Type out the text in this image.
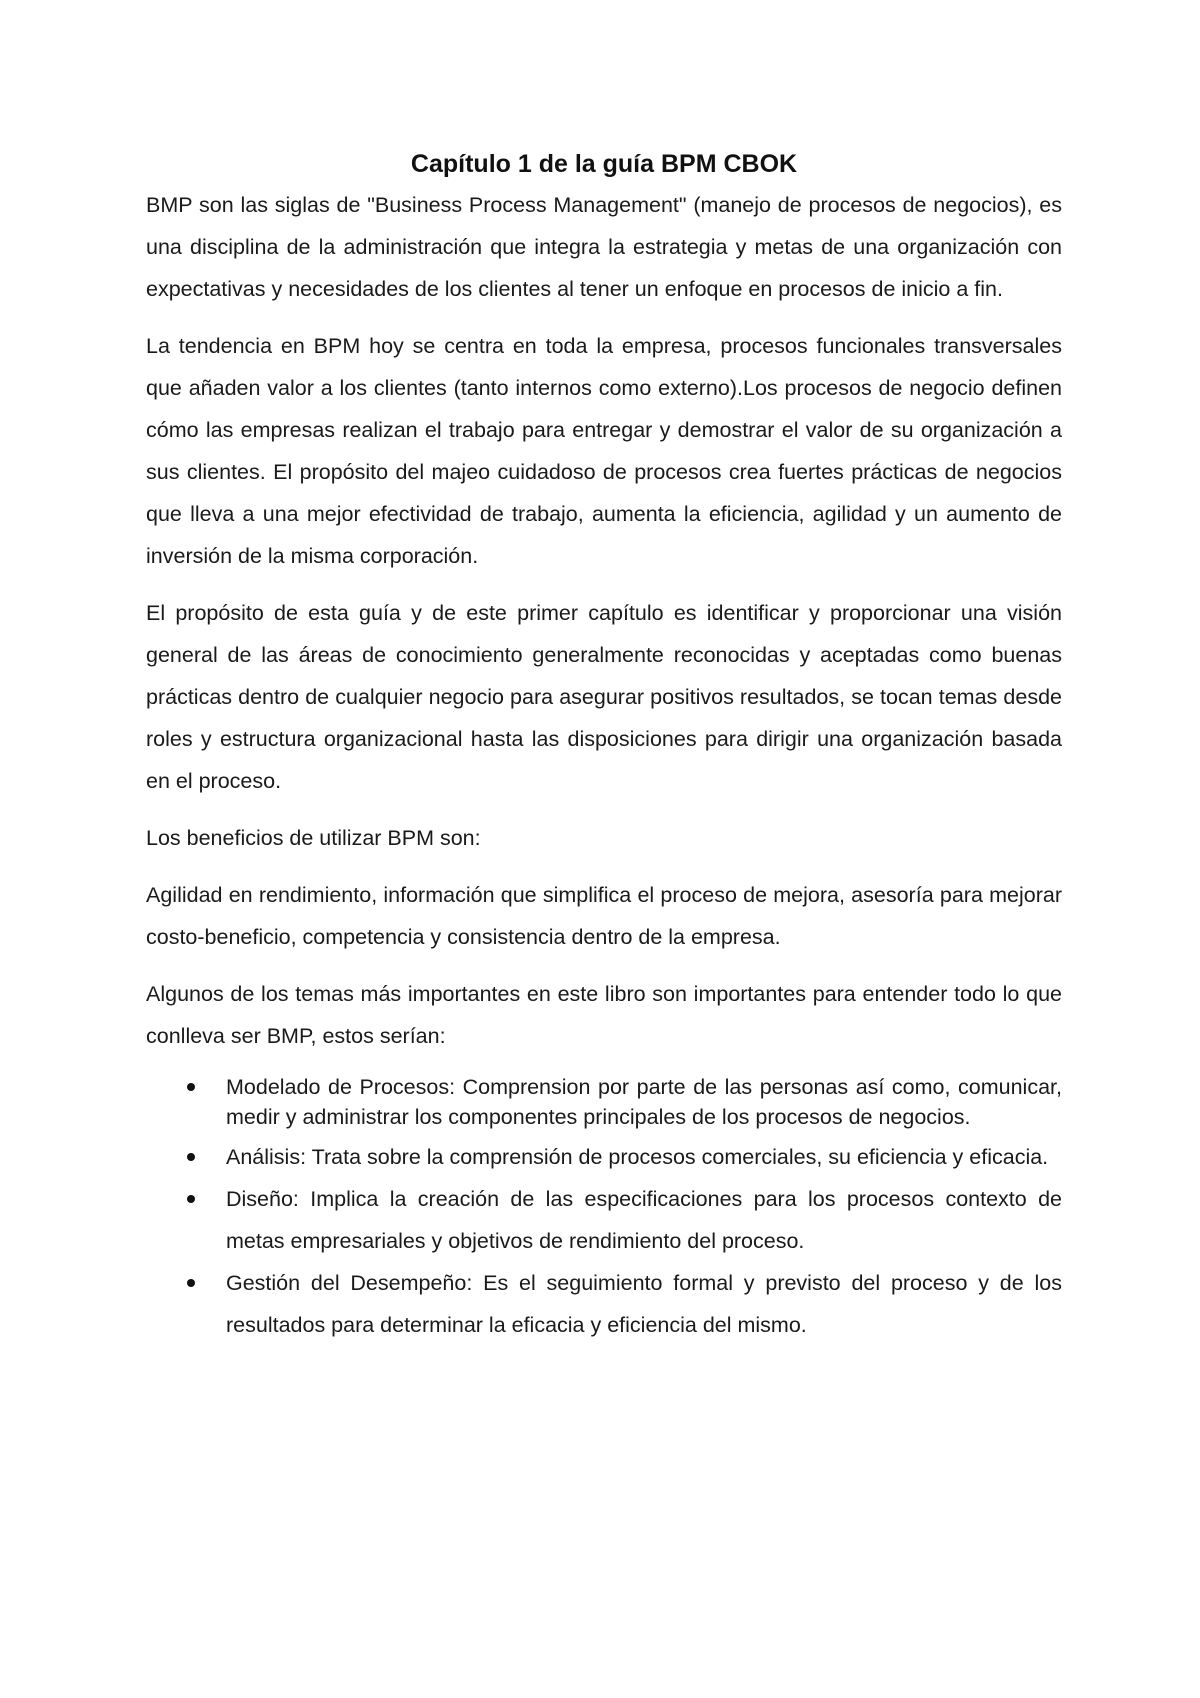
Capítulo 1 de la guía BPM CBOK

BMP son las siglas de "Business Process Management" (manejo de procesos de negocios), es una disciplina de la administración que integra la estrategia y metas de una organización con expectativas y necesidades de los clientes al tener un enfoque en procesos de inicio a fin.

La tendencia en BPM hoy se centra en toda la empresa, procesos funcionales transversales que añaden valor a los clientes (tanto internos como externo).Los procesos de negocio definen cómo las empresas realizan el trabajo para entregar y demostrar el valor de su organización a sus clientes. El propósito del majeo cuidadoso de procesos crea fuertes prácticas de negocios que lleva a una mejor efectividad de trabajo, aumenta la eficiencia, agilidad y un aumento de inversión de la misma corporación.

El propósito de esta guía y de este primer capítulo es identificar y proporcionar una visión general de las áreas de conocimiento generalmente reconocidas y aceptadas como buenas prácticas dentro de cualquier negocio para asegurar positivos resultados, se tocan temas desde roles y estructura organizacional hasta las disposiciones para dirigir una organización basada en el proceso.

Los beneficios de utilizar BPM son:

Agilidad en rendimiento, información que simplifica el proceso de mejora, asesoría para mejorar costo-beneficio, competencia y consistencia dentro de la empresa.

Algunos de los temas más importantes en este libro son importantes para entender todo lo que conlleva ser BMP, estos serían:

Modelado de Procesos: Comprension por parte de las personas así como, comunicar, medir y administrar los componentes principales de los procesos de negocios.
Análisis: Trata sobre la comprensión de procesos comerciales, su eficiencia y eficacia.
Diseño: Implica la creación de las especificaciones para los procesos contexto de metas empresariales y objetivos de rendimiento del proceso.
Gestión del Desempeño: Es el seguimiento formal y previsto del proceso y de los resultados para determinar la eficacia y eficiencia del mismo.
